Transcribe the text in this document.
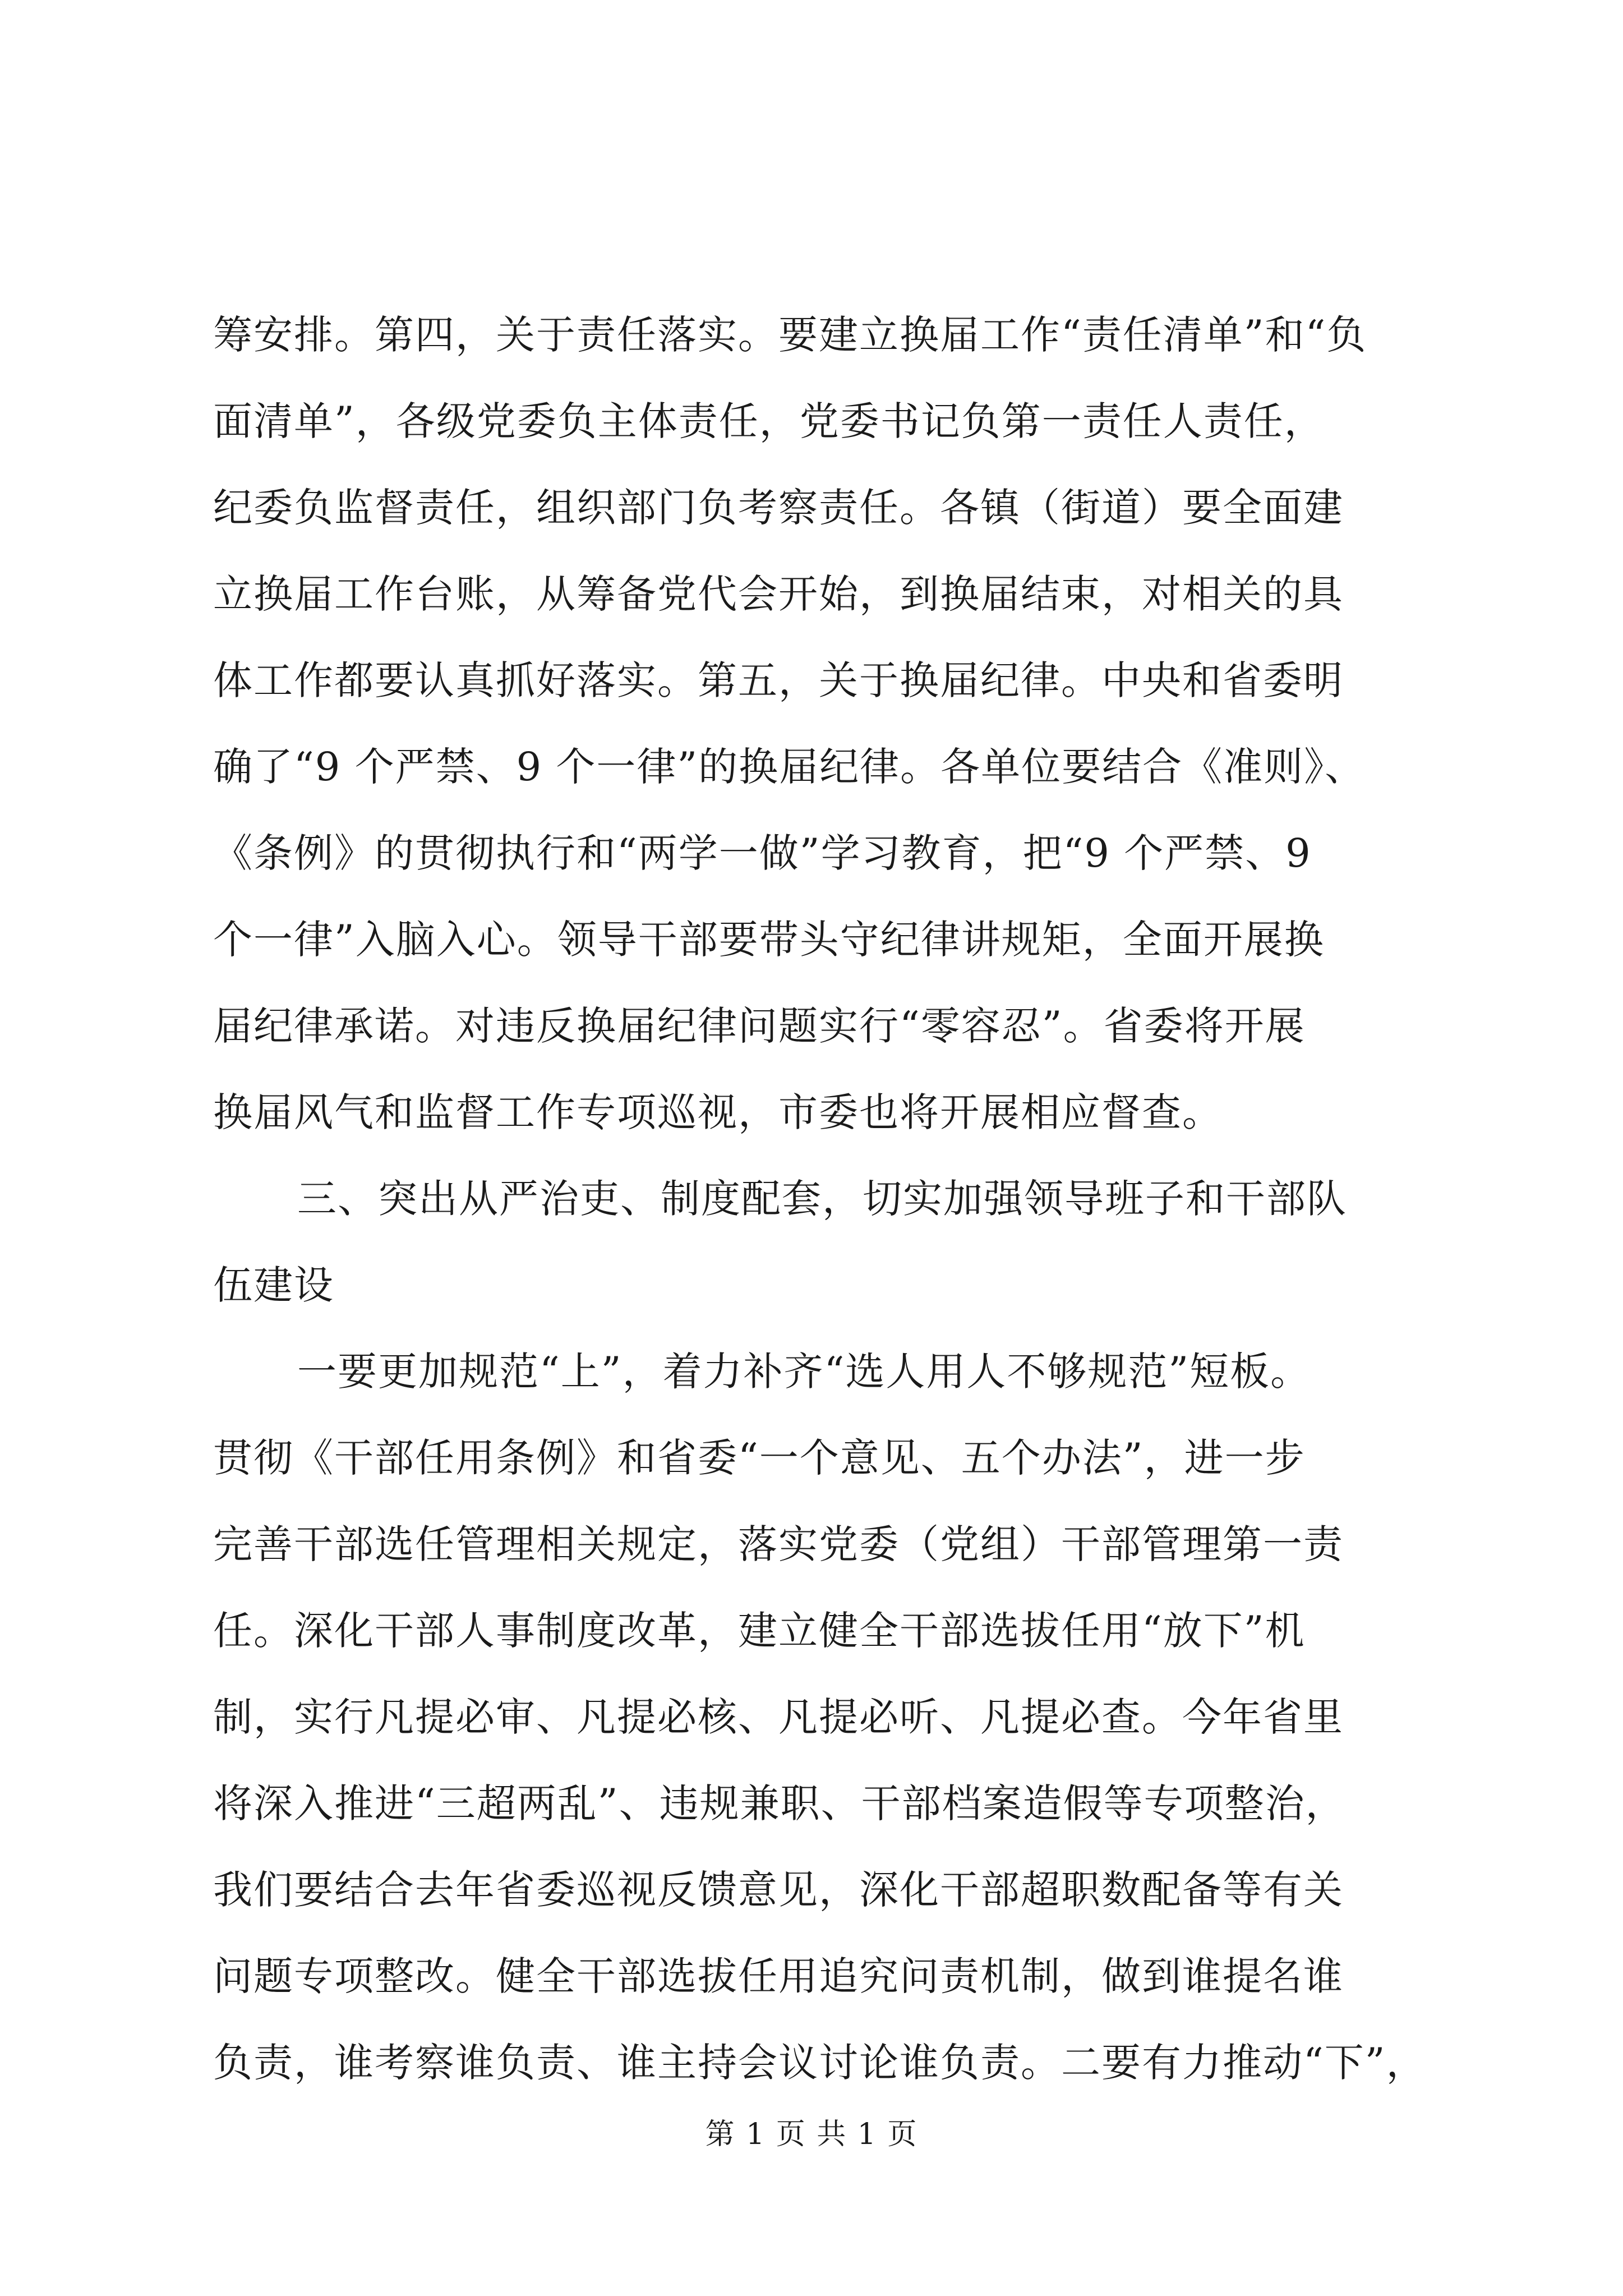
筹安排。第四，关于责任落实。要建立换届工作“责任清单”和“负
面清单”，各级党委负主体责任，党委书记负第一责任人责任，
纪委负监督责任，组织部门负考察责任。各镇（街道）要全面建
立换届工作台账，从筹备党代会开始，到换届结束，对相关的具
体工作都要认真抓好落实。第五，关于换届纪律。中央和省委明
确了“9 个严禁、9 个一律”的换届纪律。各单位要结合《准则》、
《条例》的贯彻执行和“两学一做”学习教育，把“9 个严禁、9
个一律”入脑入心。领导干部要带头守纪律讲规矩，全面开展换
届纪律承诺。对违反换届纪律问题实行“零容忍”。省委将开展
换届风气和监督工作专项巡视，市委也将开展相应督查。
三、突出从严治吏、制度配套，切实加强领导班子和干部队
伍建设
一要更加规范“上”，着力补齐“选人用人不够规范”短板。
贯彻《干部任用条例》和省委“一个意见、五个办法”，进一步
完善干部选任管理相关规定，落实党委（党组）干部管理第一责
任。深化干部人事制度改革，建立健全干部选拔任用“放下”机
制，实行凡提必审、凡提必核、凡提必听、凡提必查。今年省里
将深入推进“三超两乱”、违规兼职、干部档案造假等专项整治，
我们要结合去年省委巡视反馈意见，深化干部超职数配备等有关
问题专项整改。健全干部选拔任用追究问责机制，做到谁提名谁
负责，谁考察谁负责、谁主持会议讨论谁负责。二要有力推动“下”，
第 1 页 共 1 页
